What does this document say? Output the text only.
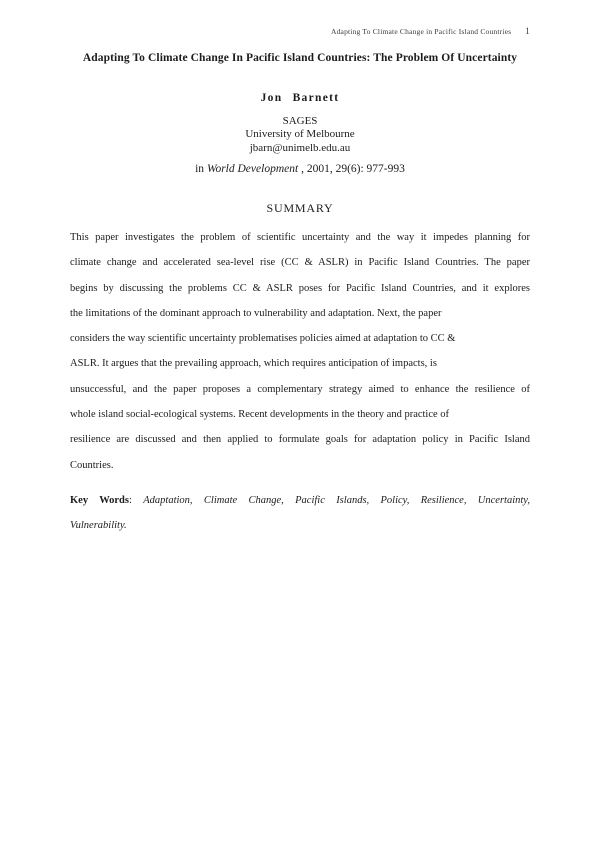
Adapting To Climate Change in Pacific Island Countries 1
Adapting To Climate Change In Pacific Island Countries: The Problem Of Uncertainty
Jon Barnett
SAGES
University of Melbourne
jbarn@unimelb.edu.au
in World Development , 2001, 29(6): 977-993
SUMMARY
This paper investigates the problem of scientific uncertainty and the way it impedes planning for
climate change and accelerated sea-level rise (CC & ASLR) in Pacific Island Countries. The paper
begins by discussing the problems CC & ASLR poses for Pacific Island Countries, and it explores
the limitations of the dominant approach to vulnerability and adaptation. Next, the paper
considers the way scientific uncertainty problematises policies aimed at adaptation to CC &
ASLR. It argues that the prevailing approach, which requires anticipation of impacts, is
unsuccessful, and the paper proposes a complementary strategy aimed to enhance the resilience of
whole island social-ecological systems. Recent developments in the theory and practice of
resilience are discussed and then applied to formulate goals for adaptation policy in Pacific Island
Countries.
Key Words: Adaptation, Climate Change, Pacific Islands, Policy, Resilience, Uncertainty,
Vulnerability.
